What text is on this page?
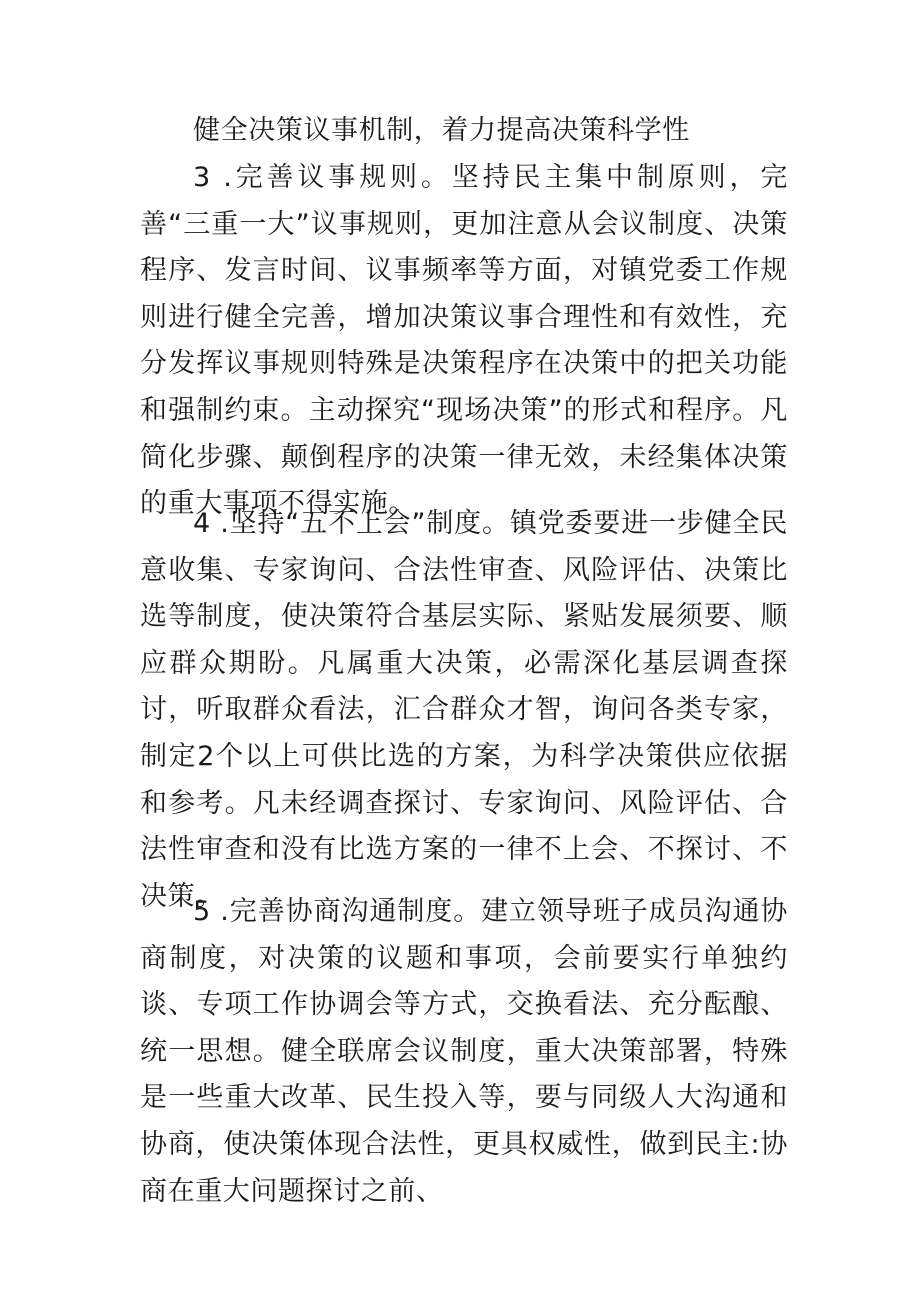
健全决策议事机制，着力提高决策科学性

3 .完善议事规则。坚持民主集中制原则，完善“三重一大”议事规则，更加注意从会议制度、决策程序、发言时间、议事频率等方面，对镇党委工作规则进行健全完善，增加决策议事合理性和有效性，充分发挥议事规则特殊是决策程序在决策中的把关功能和强制约束。主动探究“现场决策”的形式和程序。凡简化步骤、颠倒程序的决策一律无效，未经集体决策的重大事项不得实施。

4 .坚持“五不上会”制度。镇党委要进一步健全民意收集、专家询问、合法性审查、风险评估、决策比选等制度，使决策符合基层实际、紧贴发展须要、顺应群众期盼。凡属重大决策，必需深化基层调查探讨，听取群众看法，汇合群众才智，询问各类专家，制定2个以上可供比选的方案，为科学决策供应依据和参考。凡未经调查探讨、专家询问、风险评估、合法性审查和没有比选方案的一律不上会、不探讨、不决策。

5 .完善协商沟通制度。建立领导班子成员沟通协商制度，对决策的议题和事项，会前要实行单独约谈、专项工作协调会等方式，交换看法、充分酝酿、统一思想。健全联席会议制度，重大决策部署，特殊是一些重大改革、民生投入等，要与同级人大沟通和协商，使决策体现合法性，更具权威性，做到民主:协商在重大问题探讨之前、
